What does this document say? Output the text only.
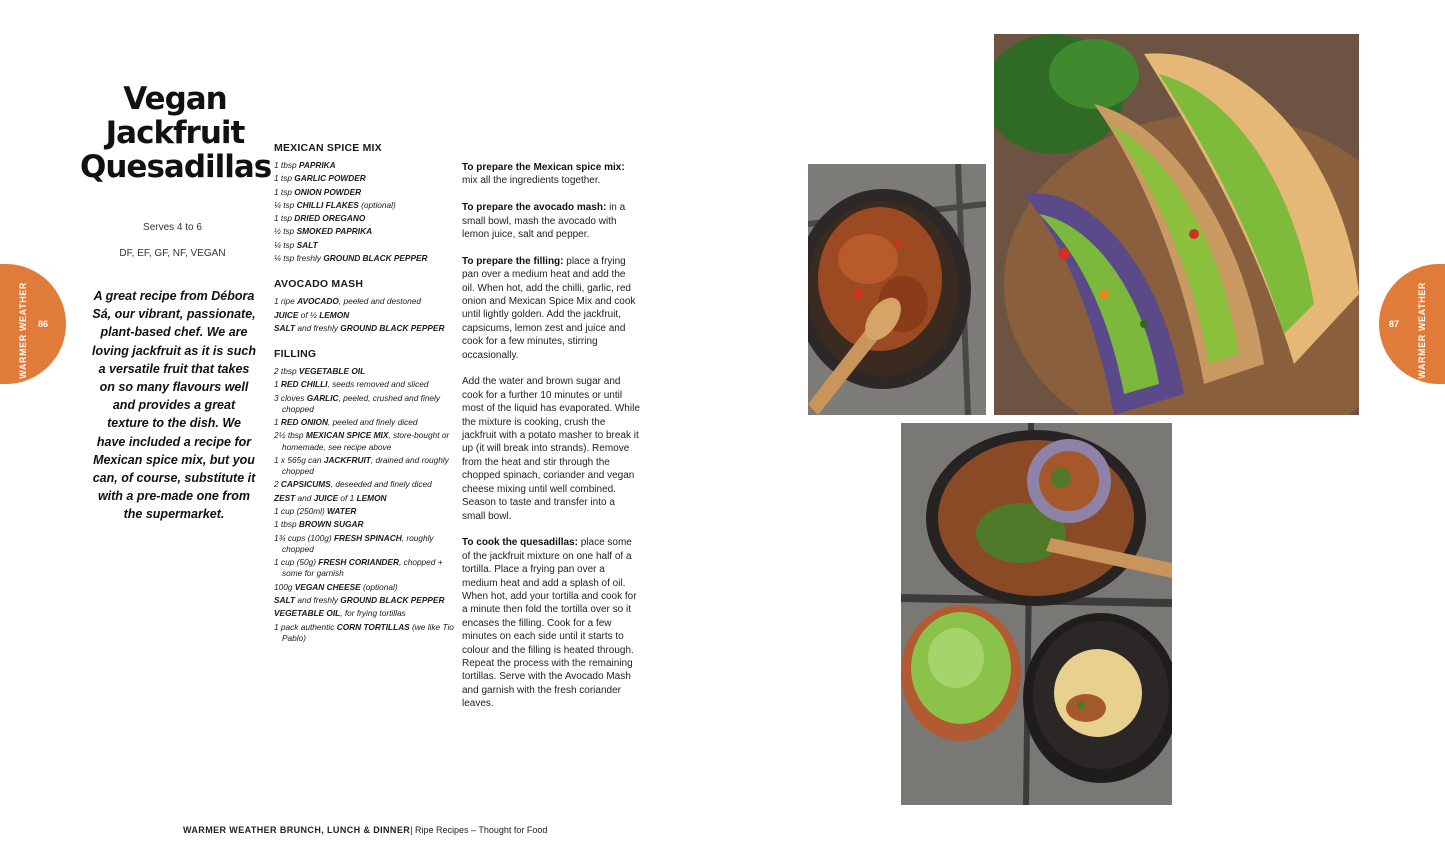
WARMER WEATHER 86	87 WARMER WEATHER
Vegan
Jackfruit
Quesadillas
Serves 4 to 6
DF, EF, GF, NF, VEGAN
A great recipe from Débora Sá, our vibrant, passionate, plant-based chef. We are loving jackfruit as it is such a versatile fruit that takes on so many flavours well and provides a great texture to the dish. We have included a recipe for Mexican spice mix, but you can, of course, substitute it with a pre-made one from the supermarket.
MEXICAN SPICE MIX
1 tbsp PAPRIKA
1 tsp GARLIC POWDER
1 tsp ONION POWDER
¼ tsp CHILLI FLAKES (optional)
1 tsp DRIED OREGANO
½ tsp SMOKED PAPRIKA
¼ tsp SALT
¼ tsp freshly GROUND BLACK PEPPER
AVOCADO MASH
1 ripe AVOCADO, peeled and destoned
JUICE of ½ LEMON
SALT and freshly GROUND BLACK PEPPER
FILLING
2 tbsp VEGETABLE OIL
1 RED CHILLI, seeds removed and sliced
3 cloves GARLIC, peeled, crushed and finely chopped
1 RED ONION, peeled and finely diced
2½ tbsp MEXICAN SPICE MIX, store-bought or homemade, see recipe above
1 x 565g can JACKFRUIT, drained and roughly chopped
2 CAPSICUMS, deseeded and finely diced
ZEST and JUICE of 1 LEMON
1 cup (250ml) WATER
1 tbsp BROWN SUGAR
1¾ cups (100g) FRESH SPINACH, roughly chopped
1 cup (50g) FRESH CORIANDER, chopped + some for garnish
100g VEGAN CHEESE (optional)
SALT and freshly GROUND BLACK PEPPER
VEGETABLE OIL, for frying tortillas
1 pack authentic CORN TORTILLAS (we like Tio Pablo)

To prepare the Mexican spice mix: mix all the ingredients together.

To prepare the avocado mash: in a small bowl, mash the avocado with lemon juice, salt and pepper.

To prepare the filling: place a frying pan over a medium heat and add the oil. When hot, add the chilli, garlic, red onion and Mexican Spice Mix and cook until lightly golden. Add the jackfruit, capsicums, lemon zest and juice and cook for a few minutes, stirring occasionally.

Add the water and brown sugar and cook for a further 10 minutes or until most of the liquid has evaporated. While the mixture is cooking, crush the jackfruit with a potato masher to break it up (it will break into strands). Remove from the heat and stir through the chopped spinach, coriander and vegan cheese mixing until well combined. Season to taste and transfer into a small bowl.

To cook the quesadillas: place some of the jackfruit mixture on one half of a tortilla. Place a frying pan over a medium heat and add a splash of oil. When hot, add your tortilla and cook for a minute then fold the tortilla over so it encases the filling. Cook for a few minutes on each side until it starts to colour and the filling is heated through. Repeat the process with the remaining tortillas. Serve with the Avocado Mash and garnish with the fresh coriander leaves.

WARMER WEATHER BRUNCH, LUNCH & DINNER| Ripe Recipes – Thought for Food
